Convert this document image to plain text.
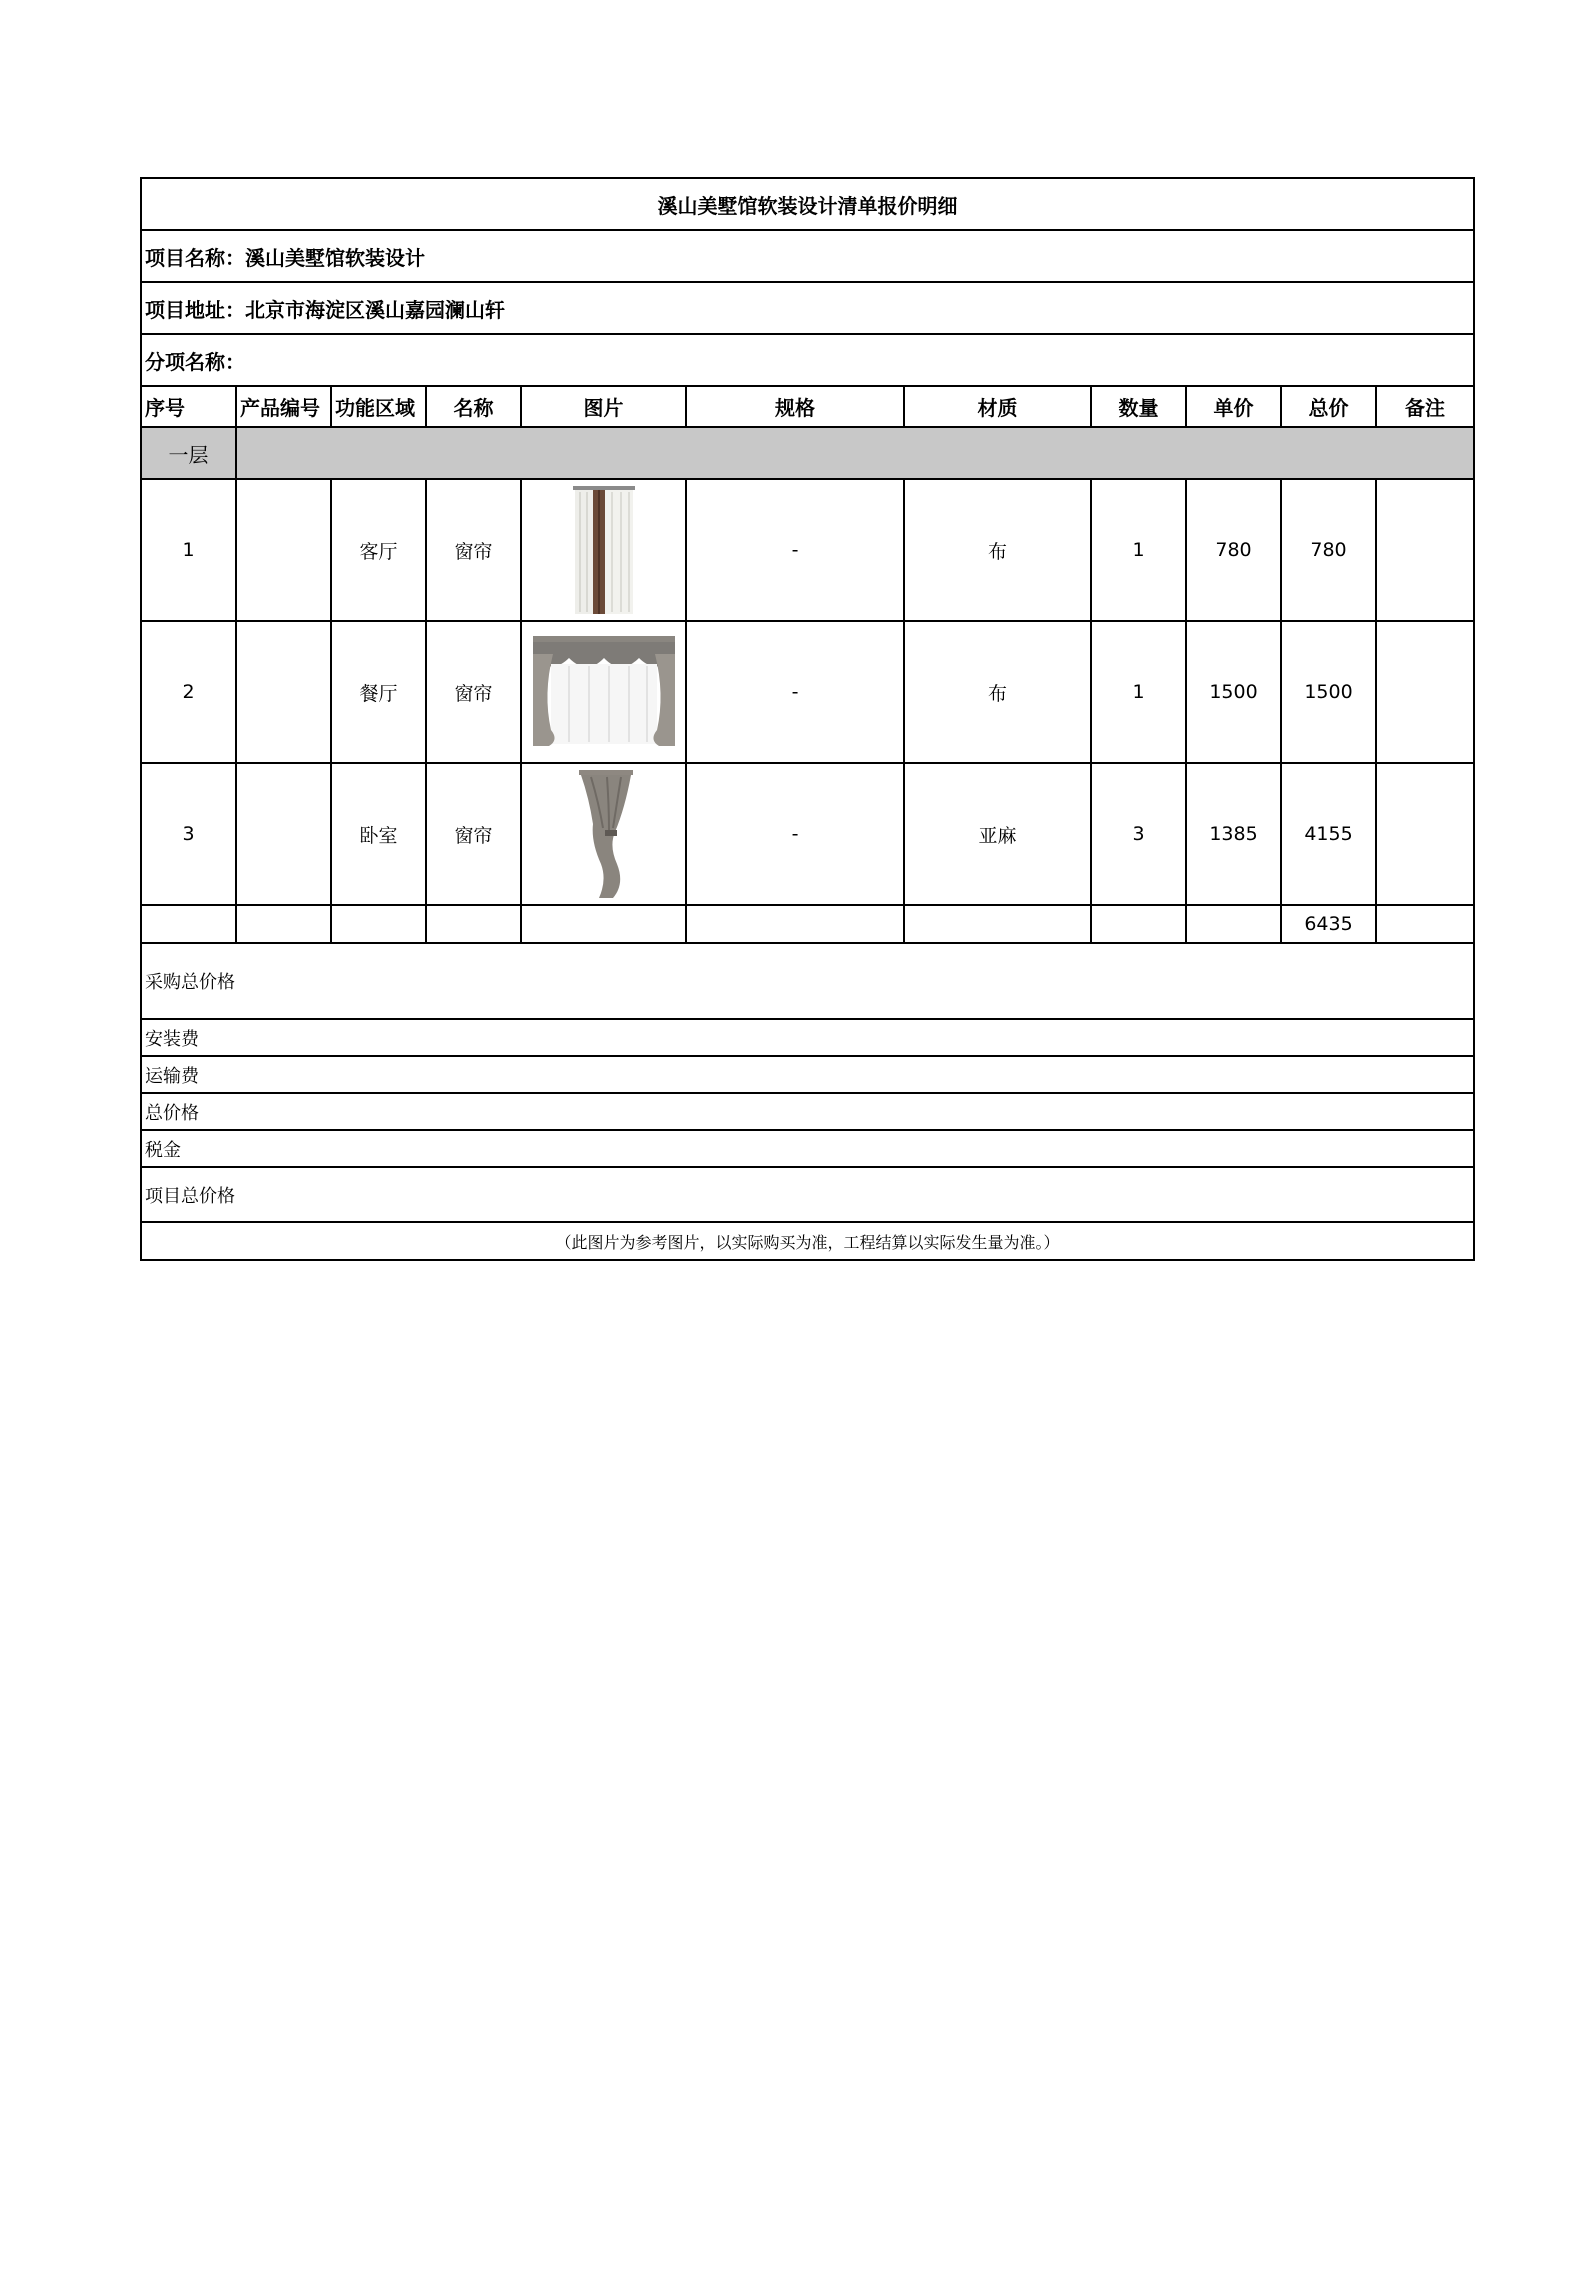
溪山美墅馆软装设计清单报价明细										
项目名称：溪山美墅馆软装设计										
项目地址：北京市海淀区溪山嘉园澜山轩										
分项名称：										
序号	产品编号	功能区域	名称	图片	规格	材质	数量	单价	总价	备注
一层										
1		客厅	窗帘		-	布	1	780	780	
2		餐厅	窗帘		-	布	1	1500	1500	
3		卧室	窗帘		-	亚麻	3	1385	4155	
									6435	
采购总价格										
安装费										
运输费										
总价格										
税金										
项目总价格										
（此图片为参考图片，以实际购买为准，工程结算以实际发生量为准。）										
